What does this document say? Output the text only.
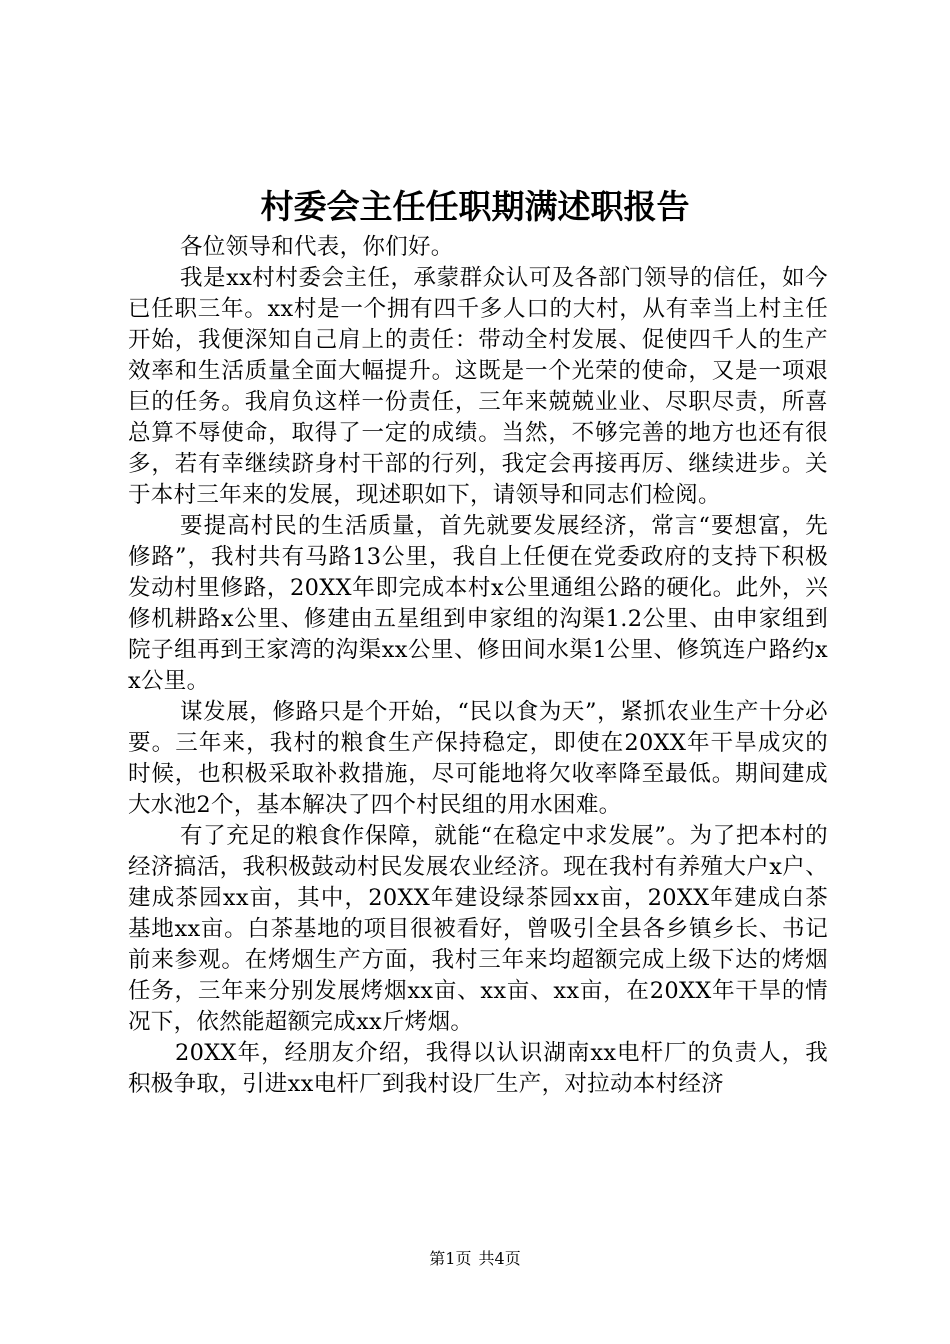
村委会主任任职期满述职报告

各位领导和代表，你们好。

我是xx村村委会主任，承蒙群众认可及各部门领导的信任，如今已任职三年。xx村是一个拥有四千多人口的大村，从有幸当上村主任开始，我便深知自己肩上的责任：带动全村发展、促使四千人的生产效率和生活质量全面大幅提升。这既是一个光荣的使命，又是一项艰巨的任务。我肩负这样一份责任，三年来兢兢业业、尽职尽责，所喜总算不辱使命，取得了一定的成绩。当然，不够完善的地方也还有很多，若有幸继续跻身村干部的行列，我定会再接再厉、继续进步。关于本村三年来的发展，现述职如下，请领导和同志们检阅。

要提高村民的生活质量，首先就要发展经济，常言“要想富，先修路”，我村共有马路13公里，我自上任便在党委政府的支持下积极发动村里修路，20XX年即完成本村x公里通组公路的硬化。此外，兴修机耕路x公里、修建由五星组到申家组的沟渠1.2公里、由申家组到院子组再到王家湾的沟渠xx公里、修田间水渠1公里、修筑连户路约xx公里。

谋发展，修路只是个开始，“民以食为天”，紧抓农业生产十分必要。三年来，我村的粮食生产保持稳定，即使在20XX年干旱成灾的时候，也积极采取补救措施，尽可能地将欠收率降至最低。期间建成大水池2个，基本解决了四个村民组的用水困难。

有了充足的粮食作保障，就能“在稳定中求发展”。为了把本村的经济搞活，我积极鼓动村民发展农业经济。现在我村有养殖大户x户、建成茶园xx亩，其中，20XX年建设绿茶园xx亩，20XX年建成白茶基地xx亩。白茶基地的项目很被看好，曾吸引全县各乡镇乡长、书记前来参观。在烤烟生产方面，我村三年来均超额完成上级下达的烤烟任务，三年来分别发展烤烟xx亩、xx亩、xx亩，在20XX年干旱的情况下，依然能超额完成xx斤烤烟。

20XX年，经朋友介绍，我得以认识湖南xx电杆厂的负责人，我积极争取，引进xx电杆厂到我村设厂生产，对拉动本村经济

第1页 共4页
